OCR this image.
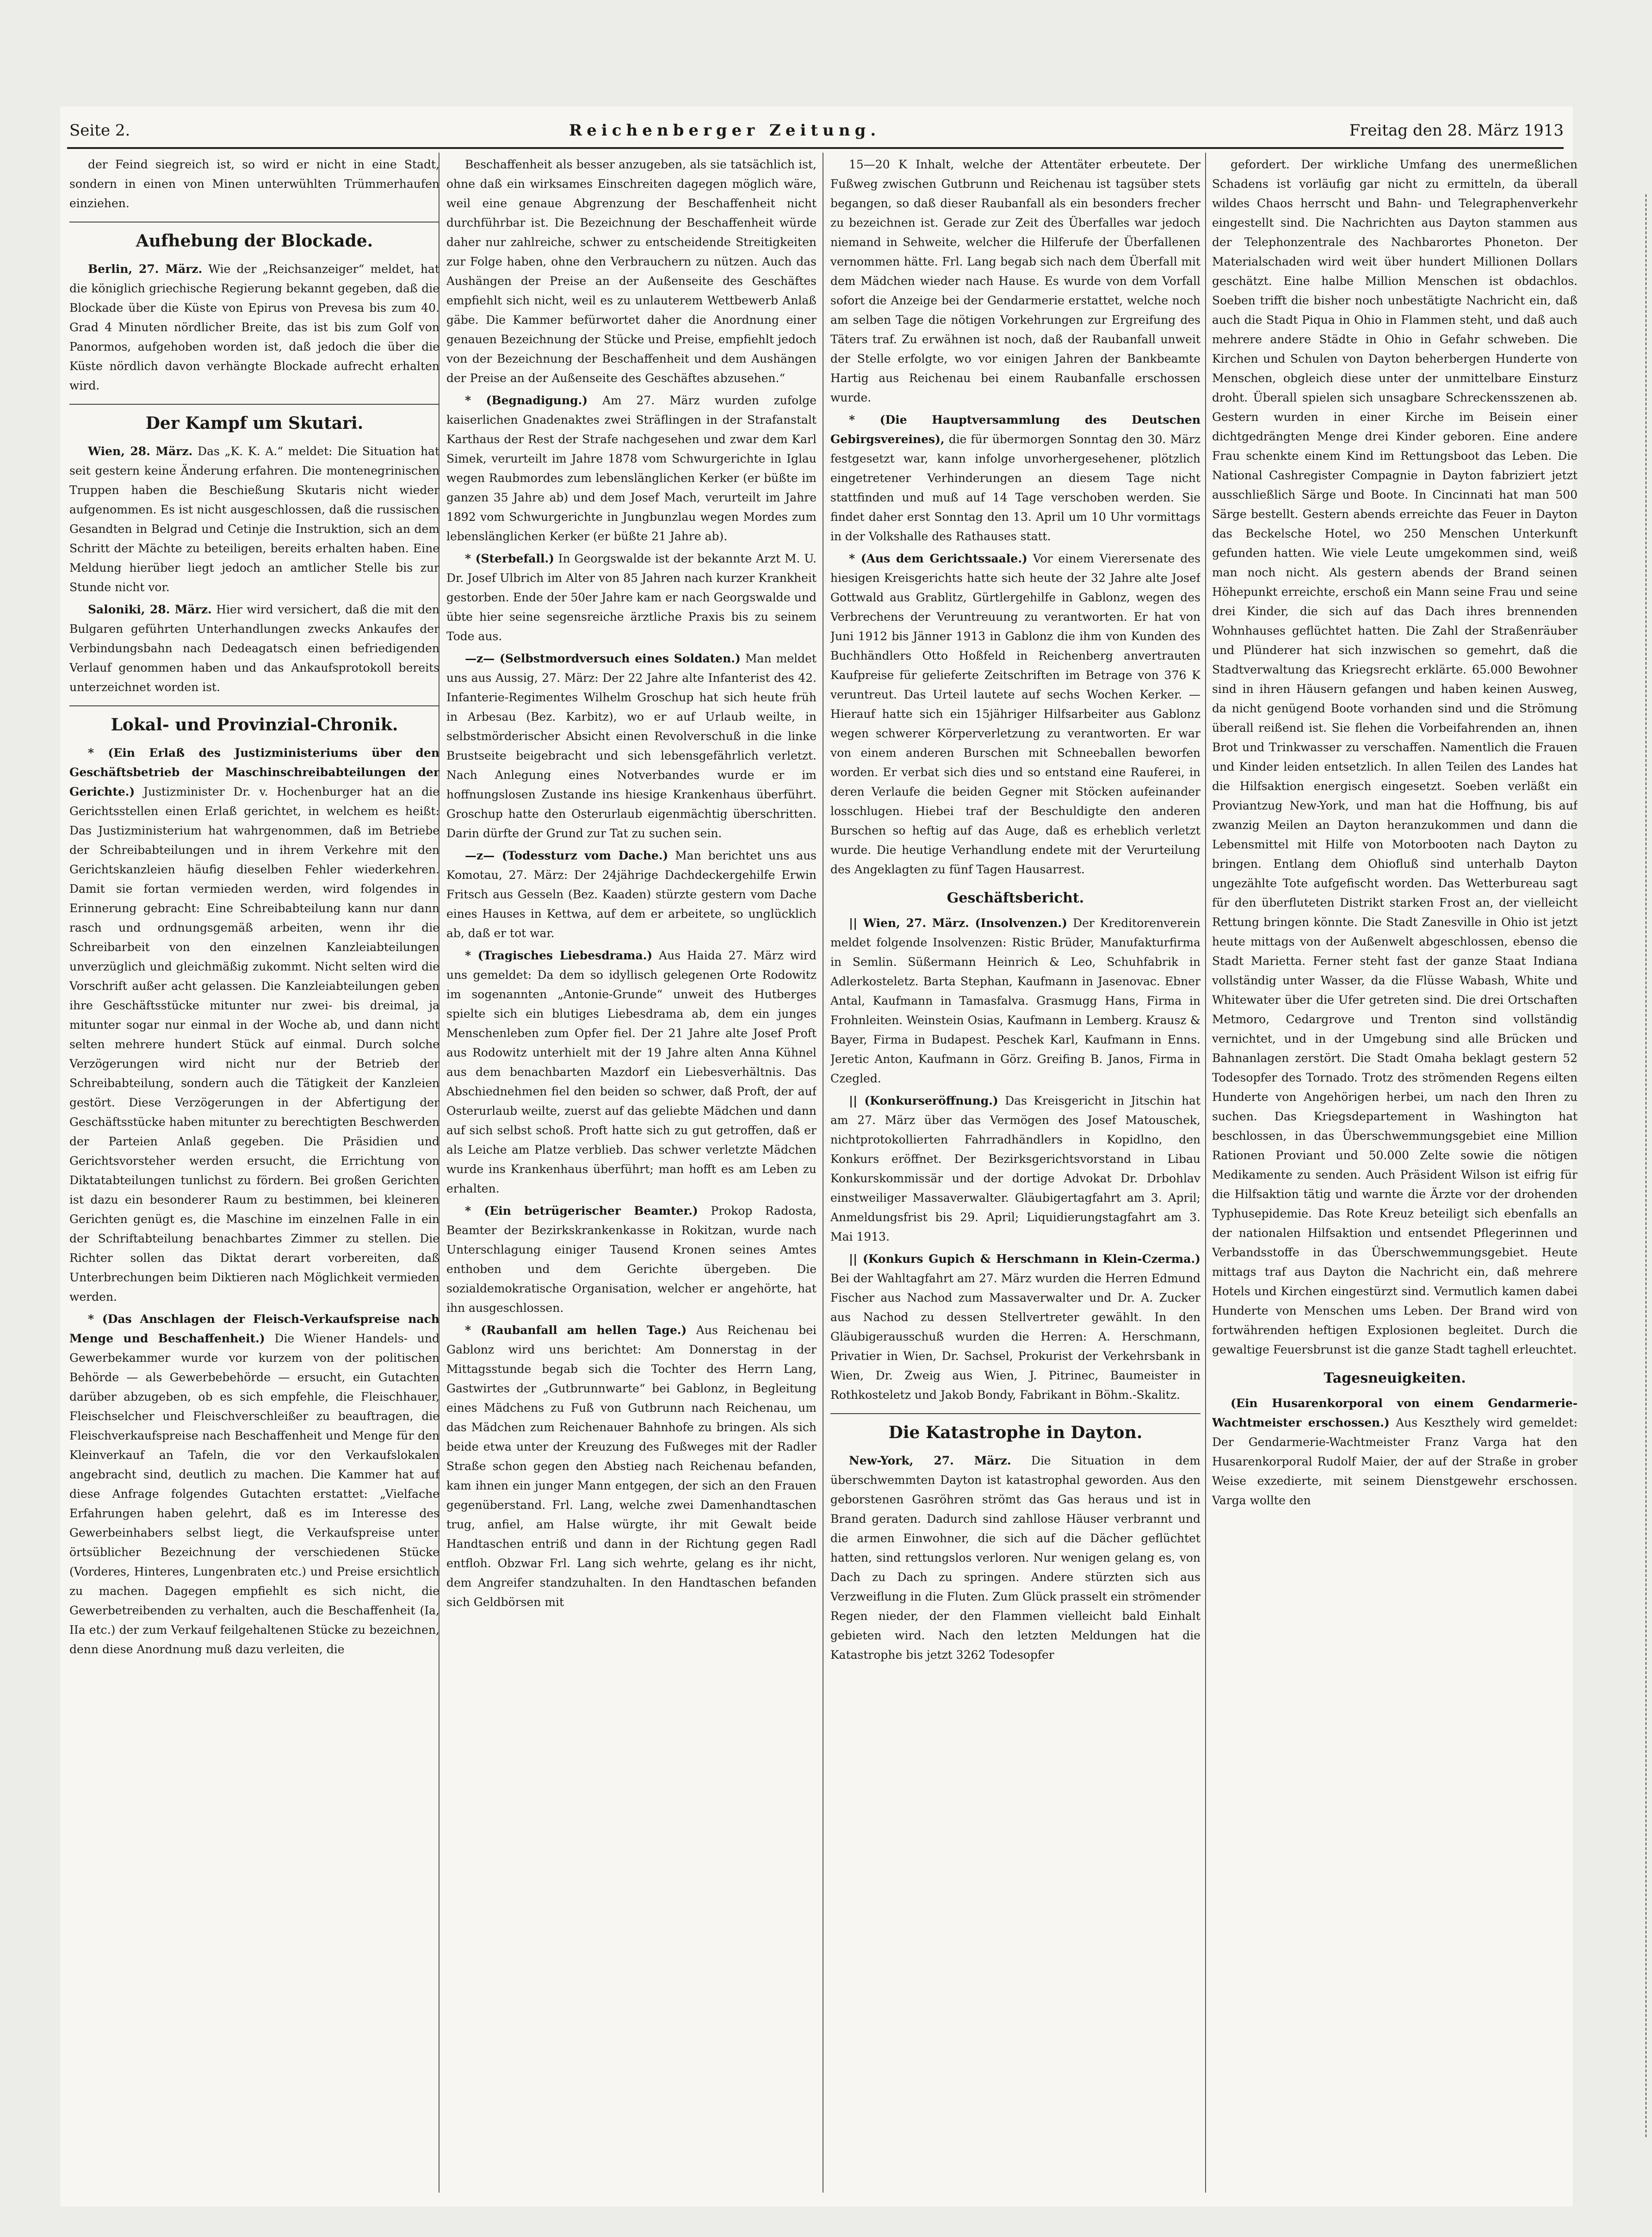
Seite 2.	Reichenberger Zeitung.	Freitag den 28. März 1913

der Feind siegreich ist, so wird er nicht in eine Stadt, sondern in einen von Minen unterwühlten Trümmerhaufen einziehen.

Aufhebung der Blockade.

Berlin, 27. März. Wie der „Reichsanzeiger“ meldet, hat die königlich griechische Regierung bekannt gegeben, daß die Blockade über die Küste von Epirus von Prevesa bis zum 40. Grad 4 Minuten nördlicher Breite, das ist bis zum Golf von Panormos, aufgehoben worden ist, daß jedoch die über die Küste nördlich davon verhängte Blockade aufrecht erhalten wird.

Der Kampf um Skutari.

Wien, 28. März. Das „K. K. A.“ meldet: Die Situation hat seit gestern keine Änderung erfahren. Die montenegrinischen Truppen haben die Beschießung Skutaris nicht wieder aufgenommen. Es ist nicht ausgeschlossen, daß die russischen Gesandten in Belgrad und Cetinje die Instruktion, sich an dem Schritt der Mächte zu beteiligen, bereits erhalten haben. Eine Meldung hierüber liegt jedoch an amtlicher Stelle bis zur Stunde nicht vor.

Saloniki, 28. März. Hier wird versichert, daß die mit den Bulgaren geführten Unterhandlungen zwecks Ankaufes der Verbindungsbahn nach Dedeagatsch einen befriedigenden Verlauf genommen haben und das Ankaufsprotokoll bereits unterzeichnet worden ist.

Lokal- und Provinzial-Chronik.

* (Ein Erlaß des Justizministeriums über den Geschäftsbetrieb der Maschinschreibabteilungen der Gerichte.) Justizminister Dr. v. Hochenburger hat an die Gerichtsstellen einen Erlaß gerichtet, in welchem es heißt: Das Justizministerium hat wahrgenommen, daß im Betriebe der Schreibabteilungen und in ihrem Verkehre mit den Gerichtskanzleien häufig dieselben Fehler wiederkehren. Damit sie fortan vermieden werden, wird folgendes in Erinnerung gebracht: Eine Schreibabteilung kann nur dann rasch und ordnungsgemäß arbeiten, wenn ihr die Schreibarbeit von den einzelnen Kanzleiabteilungen unverzüglich und gleichmäßig zukommt. Nicht selten wird die Vorschrift außer acht gelassen. Die Kanzleiabteilungen geben ihre Geschäftsstücke mitunter nur zwei- bis dreimal, ja mitunter sogar nur einmal in der Woche ab, und dann nicht selten mehrere hundert Stück auf einmal. Durch solche Verzögerungen wird nicht nur der Betrieb der Schreibabteilung, sondern auch die Tätigkeit der Kanzleien gestört. Diese Verzögerungen in der Abfertigung der Geschäftsstücke haben mitunter zu berechtigten Beschwerden der Parteien Anlaß gegeben. Die Präsidien und Gerichtsvorsteher werden ersucht, die Errichtung von Diktatabteilungen tunlichst zu fördern. Bei großen Gerichten ist dazu ein besonderer Raum zu bestimmen, bei kleineren Gerichten genügt es, die Maschine im einzelnen Falle in ein der Schriftabteilung benachbartes Zimmer zu stellen. Die Richter sollen das Diktat derart vorbereiten, daß Unterbrechungen beim Diktieren nach Möglichkeit vermieden werden.

* (Das Anschlagen der Fleisch-Verkaufspreise nach Menge und Beschaffenheit.) Die Wiener Handels- und Gewerbekammer wurde vor kurzem von der politischen Behörde — als Gewerbebehörde — ersucht, ein Gutachten darüber abzugeben, ob es sich empfehle, die Fleischhauer, Fleischselcher und Fleischverschleißer zu beauftragen, die Fleischverkaufspreise nach Beschaffenheit und Menge für den Kleinverkauf an Tafeln, die vor den Verkaufslokalen angebracht sind, deutlich zu machen. Die Kammer hat auf diese Anfrage folgendes Gutachten erstattet: „Vielfache Erfahrungen haben gelehrt, daß es im Interesse des Gewerbeinhabers selbst liegt, die Verkaufspreise unter örtsüblicher Bezeichnung der verschiedenen Stücke (Vorderes, Hinteres, Lungenbraten etc.) und Preise ersichtlich zu machen. Dagegen empfiehlt es sich nicht, die Gewerbetreibenden zu verhalten, auch die Beschaffenheit (Ia, IIa etc.) der zum Verkauf feilgehaltenen Stücke zu bezeichnen, denn diese Anordnung muß dazu verleiten, die

Beschaffenheit als besser anzugeben, als sie tatsächlich ist, ohne daß ein wirksames Einschreiten dagegen möglich wäre, weil eine genaue Abgrenzung der Beschaffenheit nicht durchführbar ist. Die Bezeichnung der Beschaffenheit würde daher nur zahlreiche, schwer zu entscheidende Streitigkeiten zur Folge haben, ohne den Verbrauchern zu nützen. Auch das Aushängen der Preise an der Außenseite des Geschäftes empfiehlt sich nicht, weil es zu unlauterem Wettbewerb Anlaß gäbe. Die Kammer befürwortet daher die Anordnung einer genauen Bezeichnung der Stücke und Preise, empfiehlt jedoch von der Bezeichnung der Beschaffenheit und dem Aushängen der Preise an der Außenseite des Geschäftes abzusehen.“

* (Begnadigung.) Am 27. März wurden zufolge kaiserlichen Gnadenaktes zwei Sträflingen in der Strafanstalt Karthaus der Rest der Strafe nachgesehen und zwar dem Karl Simek, verurteilt im Jahre 1878 vom Schwurgerichte in Iglau wegen Raubmordes zum lebenslänglichen Kerker (er büßte im ganzen 35 Jahre ab) und dem Josef Mach, verurteilt im Jahre 1892 vom Schwurgerichte in Jungbunzlau wegen Mordes zum lebenslänglichen Kerker (er büßte 21 Jahre ab).

* (Sterbefall.) In Georgswalde ist der bekannte Arzt M. U. Dr. Josef Ulbrich im Alter von 85 Jahren nach kurzer Krankheit gestorben. Ende der 50er Jahre kam er nach Georgswalde und übte hier seine segensreiche ärztliche Praxis bis zu seinem Tode aus.

—z— (Selbstmordversuch eines Soldaten.) Man meldet uns aus Aussig, 27. März: Der 22 Jahre alte Infanterist des 42. Infanterie-Regimentes Wilhelm Groschup hat sich heute früh in Arbesau (Bez. Karbitz), wo er auf Urlaub weilte, in selbstmörderischer Absicht einen Revolverschuß in die linke Brustseite beigebracht und sich lebensgefährlich verletzt. Nach Anlegung eines Notverbandes wurde er im hoffnungslosen Zustande ins hiesige Krankenhaus überführt. Groschup hatte den Osterurlaub eigenmächtig überschritten. Darin dürfte der Grund zur Tat zu suchen sein.

—z— (Todessturz vom Dache.) Man berichtet uns aus Komotau, 27. März: Der 24jährige Dachdeckergehilfe Erwin Fritsch aus Gesseln (Bez. Kaaden) stürzte gestern vom Dache eines Hauses in Kettwa, auf dem er arbeitete, so unglücklich ab, daß er tot war.

* (Tragisches Liebesdrama.) Aus Haida 27. März wird uns gemeldet: Da dem so idyllisch gelegenen Orte Rodowitz im sogenannten „Antonie-Grunde“ unweit des Hutberges spielte sich ein blutiges Liebesdrama ab, dem ein junges Menschenleben zum Opfer fiel. Der 21 Jahre alte Josef Proft aus Rodowitz unterhielt mit der 19 Jahre alten Anna Kühnel aus dem benachbarten Mazdorf ein Liebesverhältnis. Das Abschiednehmen fiel den beiden so schwer, daß Proft, der auf Osterurlaub weilte, zuerst auf das geliebte Mädchen und dann auf sich selbst schoß. Proft hatte sich zu gut getroffen, daß er als Leiche am Platze verblieb. Das schwer verletzte Mädchen wurde ins Krankenhaus überführt; man hofft es am Leben zu erhalten.

* (Ein betrügerischer Beamter.) Prokop Radosta, Beamter der Bezirkskrankenkasse in Rokitzan, wurde nach Unterschlagung einiger Tausend Kronen seines Amtes enthoben und dem Gerichte übergeben. Die sozialdemokratische Organisation, welcher er angehörte, hat ihn ausgeschlossen.

* (Raubanfall am hellen Tage.) Aus Reichenau bei Gablonz wird uns berichtet: Am Donnerstag in der Mittagsstunde begab sich die Tochter des Herrn Lang, Gastwirtes der „Gutbrunnwarte“ bei Gablonz, in Begleitung eines Mädchens zu Fuß von Gutbrunn nach Reichenau, um das Mädchen zum Reichenauer Bahnhofe zu bringen. Als sich beide etwa unter der Kreuzung des Fußweges mit der Radler Straße schon gegen den Abstieg nach Reichenau befanden, kam ihnen ein junger Mann entgegen, der sich an den Frauen gegenüberstand. Frl. Lang, welche zwei Damenhandtaschen trug, anfiel, am Halse würgte, ihr mit Gewalt beide Handtaschen entriß und dann in der Richtung gegen Radl entfloh. Obzwar Frl. Lang sich wehrte, gelang es ihr nicht, dem Angreifer standzuhalten. In den Handtaschen befanden sich Geldbörsen mit

15—20 K Inhalt, welche der Attentäter erbeutete. Der Fußweg zwischen Gutbrunn und Reichenau ist tagsüber stets begangen, so daß dieser Raubanfall als ein besonders frecher zu bezeichnen ist. Gerade zur Zeit des Überfalles war jedoch niemand in Sehweite, welcher die Hilferufe der Überfallenen vernommen hätte. Frl. Lang begab sich nach dem Überfall mit dem Mädchen wieder nach Hause. Es wurde von dem Vorfall sofort die Anzeige bei der Gendarmerie erstattet, welche noch am selben Tage die nötigen Vorkehrungen zur Ergreifung des Täters traf. Zu erwähnen ist noch, daß der Raubanfall unweit der Stelle erfolgte, wo vor einigen Jahren der Bankbeamte Hartig aus Reichenau bei einem Raubanfalle erschossen wurde.

* (Die Hauptversammlung des Deutschen Gebirgsvereines), die für übermorgen Sonntag den 30. März festgesetzt war, kann infolge unvorhergesehener, plötzlich eingetretener Verhinderungen an diesem Tage nicht stattfinden und muß auf 14 Tage verschoben werden. Sie findet daher erst Sonntag den 13. April um 10 Uhr vormittags in der Volkshalle des Rathauses statt.

* (Aus dem Gerichtssaale.) Vor einem Vierersenate des hiesigen Kreisgerichts hatte sich heute der 32 Jahre alte Josef Gottwald aus Grablitz, Gürtlergehilfe in Gablonz, wegen des Verbrechens der Veruntreuung zu verantworten. Er hat von Juni 1912 bis Jänner 1913 in Gablonz die ihm von Kunden des Buchhändlers Otto Hoßfeld in Reichenberg anvertrauten Kaufpreise für gelieferte Zeitschriften im Betrage von 376 K veruntreut. Das Urteil lautete auf sechs Wochen Kerker. — Hierauf hatte sich ein 15jähriger Hilfsarbeiter aus Gablonz wegen schwerer Körperverletzung zu verantworten. Er war von einem anderen Burschen mit Schneeballen beworfen worden. Er verbat sich dies und so entstand eine Rauferei, in deren Verlaufe die beiden Gegner mit Stöcken aufeinander losschlugen. Hiebei traf der Beschuldigte den anderen Burschen so heftig auf das Auge, daß es erheblich verletzt wurde. Die heutige Verhandlung endete mit der Verurteilung des Angeklagten zu fünf Tagen Hausarrest.

Geschäftsbericht.

|| Wien, 27. März. (Insolvenzen.) Der Kreditorenverein meldet folgende Insolvenzen: Ristic Brüder, Manufakturfirma in Semlin. Süßermann Heinrich & Leo, Schuhfabrik in Adlerkosteletz. Barta Stephan, Kaufmann in Jasenovac. Ebner Antal, Kaufmann in Tamasfalva. Grasmugg Hans, Firma in Frohnleiten. Weinstein Osias, Kaufmann in Lemberg. Krausz & Bayer, Firma in Budapest. Peschek Karl, Kaufmann in Enns. Jeretic Anton, Kaufmann in Görz. Greifing B. Janos, Firma in Czegled.

|| (Konkurseröffnung.) Das Kreisgericht in Jitschin hat am 27. März über das Vermögen des Josef Matouschek, nichtprotokollierten Fahrradhändlers in Kopidlno, den Konkurs eröffnet. Der Bezirksgerichtsvorstand in Libau Konkurskommissär und der dortige Advokat Dr. Drbohlav einstweiliger Massaverwalter. Gläubigertagfahrt am 3. April; Anmeldungsfrist bis 29. April; Liquidierungstagfahrt am 3. Mai 1913.

|| (Konkurs Gupich & Herschmann in Klein-Czerma.) Bei der Wahltagfahrt am 27. März wurden die Herren Edmund Fischer aus Nachod zum Massaverwalter und Dr. A. Zucker aus Nachod zu dessen Stellvertreter gewählt. In den Gläubigerausschuß wurden die Herren: A. Herschmann, Privatier in Wien, Dr. Sachsel, Prokurist der Verkehrsbank in Wien, Dr. Zweig aus Wien, J. Pitrinec, Baumeister in Rothkosteletz und Jakob Bondy, Fabrikant in Böhm.-Skalitz.

Die Katastrophe in Dayton.

New-York, 27. März. Die Situation in dem überschwemmten Dayton ist katastrophal geworden. Aus den geborstenen Gasröhren strömt das Gas heraus und ist in Brand geraten. Dadurch sind zahllose Häuser verbrannt und die armen Einwohner, die sich auf die Dächer geflüchtet hatten, sind rettungslos verloren. Nur wenigen gelang es, von Dach zu Dach zu springen. Andere stürzten sich aus Verzweiflung in die Fluten. Zum Glück prasselt ein strömender Regen nieder, der den Flammen vielleicht bald Einhalt gebieten wird. Nach den letzten Meldungen hat die Katastrophe bis jetzt 3262 Todesopfer

gefordert. Der wirkliche Umfang des unermeßlichen Schadens ist vorläufig gar nicht zu ermitteln, da überall wildes Chaos herrscht und Bahn- und Telegraphenverkehr eingestellt sind. Die Nachrichten aus Dayton stammen aus der Telephonzentrale des Nachbarortes Phoneton. Der Materialschaden wird weit über hundert Millionen Dollars geschätzt. Eine halbe Million Menschen ist obdachlos. Soeben trifft die bisher noch unbestätigte Nachricht ein, daß auch die Stadt Piqua in Ohio in Flammen steht, und daß auch mehrere andere Städte in Ohio in Gefahr schweben. Die Kirchen und Schulen von Dayton beherbergen Hunderte von Menschen, obgleich diese unter der unmittelbare Einsturz droht. Überall spielen sich unsagbare Schreckensszenen ab. Gestern wurden in einer Kirche im Beisein einer dichtgedrängten Menge drei Kinder geboren. Eine andere Frau schenkte einem Kind im Rettungsboot das Leben. Die National Cashregister Compagnie in Dayton fabriziert jetzt ausschließlich Särge und Boote. In Cincinnati hat man 500 Särge bestellt. Gestern abends erreichte das Feuer in Dayton das Beckelsche Hotel, wo 250 Menschen Unterkunft gefunden hatten. Wie viele Leute umgekommen sind, weiß man noch nicht. Als gestern abends der Brand seinen Höhepunkt erreichte, erschoß ein Mann seine Frau und seine drei Kinder, die sich auf das Dach ihres brennenden Wohnhauses geflüchtet hatten. Die Zahl der Straßenräuber und Plünderer hat sich inzwischen so gemehrt, daß die Stadtverwaltung das Kriegsrecht erklärte. 65.000 Bewohner sind in ihren Häusern gefangen und haben keinen Ausweg, da nicht genügend Boote vorhanden sind und die Strömung überall reißend ist. Sie flehen die Vorbeifahrenden an, ihnen Brot und Trinkwasser zu verschaffen. Namentlich die Frauen und Kinder leiden entsetzlich. In allen Teilen des Landes hat die Hilfsaktion energisch eingesetzt. Soeben verläßt ein Proviantzug New-York, und man hat die Hoffnung, bis auf zwanzig Meilen an Dayton heranzukommen und dann die Lebensmittel mit Hilfe von Motorbooten nach Dayton zu bringen. Entlang dem Ohiofluß sind unterhalb Dayton ungezählte Tote aufgefischt worden. Das Wetterbureau sagt für den überfluteten Distrikt starken Frost an, der vielleicht Rettung bringen könnte. Die Stadt Zanesville in Ohio ist jetzt heute mittags von der Außenwelt abgeschlossen, ebenso die Stadt Marietta. Ferner steht fast der ganze Staat Indiana vollständig unter Wasser, da die Flüsse Wabash, White und Whitewater über die Ufer getreten sind. Die drei Ortschaften Metmoro, Cedargrove und Trenton sind vollständig vernichtet, und in der Umgebung sind alle Brücken und Bahnanlagen zerstört. Die Stadt Omaha beklagt gestern 52 Todesopfer des Tornado. Trotz des strömenden Regens eilten Hunderte von Angehörigen herbei, um nach den Ihren zu suchen. Das Kriegsdepartement in Washington hat beschlossen, in das Überschwemmungsgebiet eine Million Rationen Proviant und 50.000 Zelte sowie die nötigen Medikamente zu senden. Auch Präsident Wilson ist eifrig für die Hilfsaktion tätig und warnte die Ärzte vor der drohenden Typhusepidemie. Das Rote Kreuz beteiligt sich ebenfalls an der nationalen Hilfsaktion und entsendet Pflegerinnen und Verbandsstoffe in das Überschwemmungsgebiet. Heute mittags traf aus Dayton die Nachricht ein, daß mehrere Hotels und Kirchen eingestürzt sind. Vermutlich kamen dabei Hunderte von Menschen ums Leben. Der Brand wird von fortwährenden heftigen Explosionen begleitet. Durch die gewaltige Feuersbrunst ist die ganze Stadt taghell erleuchtet.

Tagesneuigkeiten.

(Ein Husarenkorporal von einem Gendarmerie-Wachtmeister erschossen.) Aus Keszthely wird gemeldet: Der Gendarmerie-Wachtmeister Franz Varga hat den Husarenkorporal Rudolf Maier, der auf der Straße in grober Weise exzedierte, mit seinem Dienstgewehr erschossen. Varga wollte den
